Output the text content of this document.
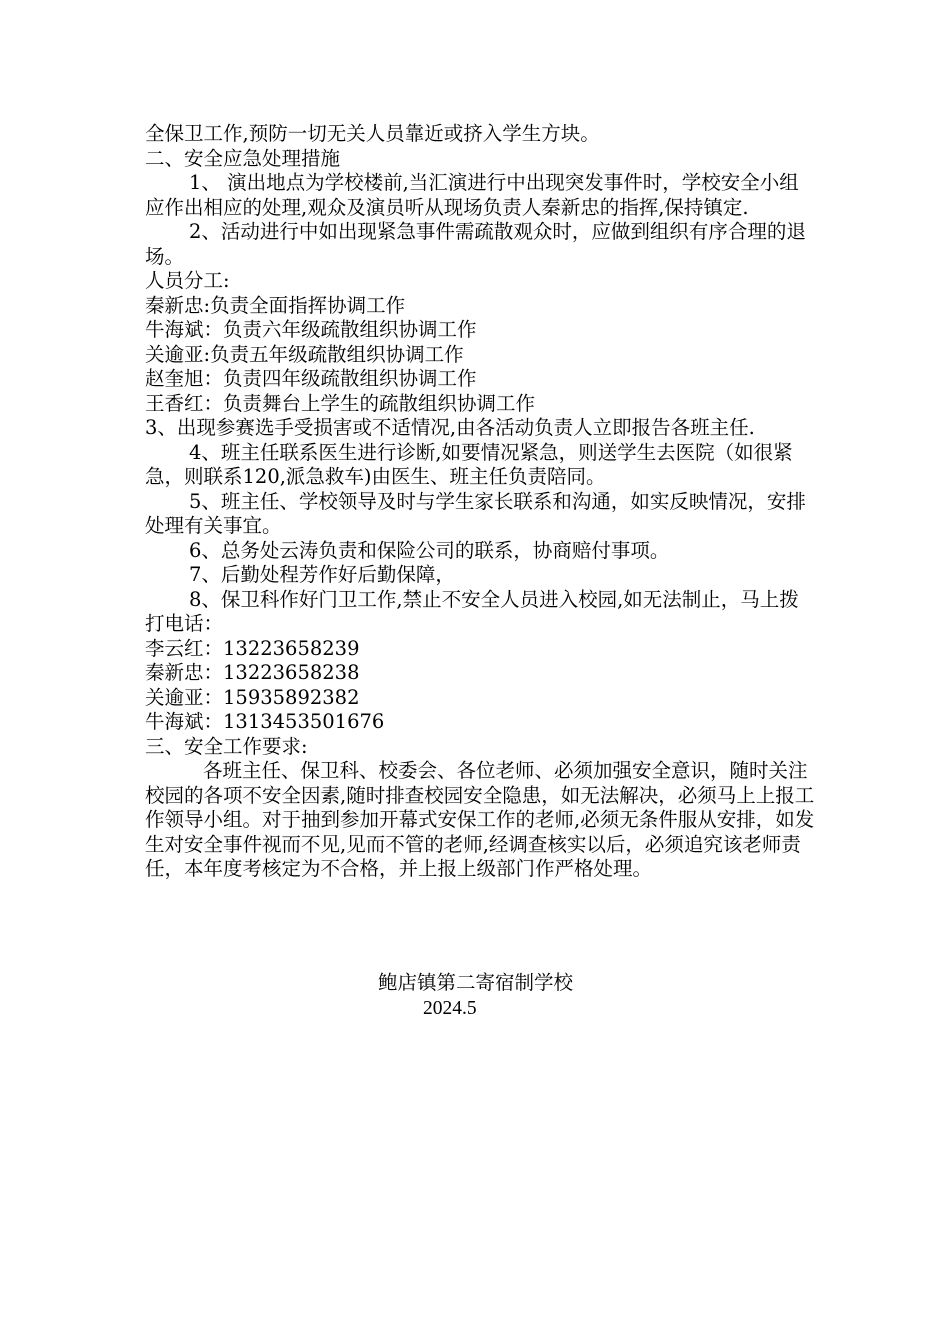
全保卫工作,预防一切无关人员靠近或挤入学生方块。

二、安全应急处理措施

1、 演出地点为学校楼前,当汇演进行中出现突发事件时，学校安全小组应作出相应的处理,观众及演员听从现场负责人秦新忠的指挥,保持镇定.

2、活动进行中如出现紧急事件需疏散观众时，应做到组织有序合理的退场。

人员分工:

秦新忠:负责全面指挥协调工作

牛海斌：负责六年级疏散组织协调工作

关逾亚:负责五年级疏散组织协调工作

赵奎旭：负责四年级疏散组织协调工作

王香红：负责舞台上学生的疏散组织协调工作

3、出现参赛选手受损害或不适情况,由各活动负责人立即报告各班主任.

4、班主任联系医生进行诊断,如要情况紧急，则送学生去医院（如很紧急，则联系120,派急救车)由医生、班主任负责陪同。

5、班主任、学校领导及时与学生家长联系和沟通，如实反映情况，安排处理有关事宜。

6、总务处云涛负责和保险公司的联系，协商赔付事项。

7、后勤处程芳作好后勤保障，

8、保卫科作好门卫工作,禁止不安全人员进入校园,如无法制止，马上拨打电话：

李云红：13223658239

秦新忠：13223658238

关逾亚：15935892382

牛海斌：1313453501676

三、安全工作要求:

各班主任、保卫科、校委会、各位老师、必须加强安全意识，随时关注校园的各项不安全因素,随时排查校园安全隐患，如无法解决，必须马上上报工作领导小组。对于抽到参加开幕式安保工作的老师,必须无条件服从安排，如发生对安全事件视而不见,见而不管的老师,经调查核实以后，必须追究该老师责任，本年度考核定为不合格，并上报上级部门作严格处理。

鲍店镇第二寄宿制学校
2024.5
